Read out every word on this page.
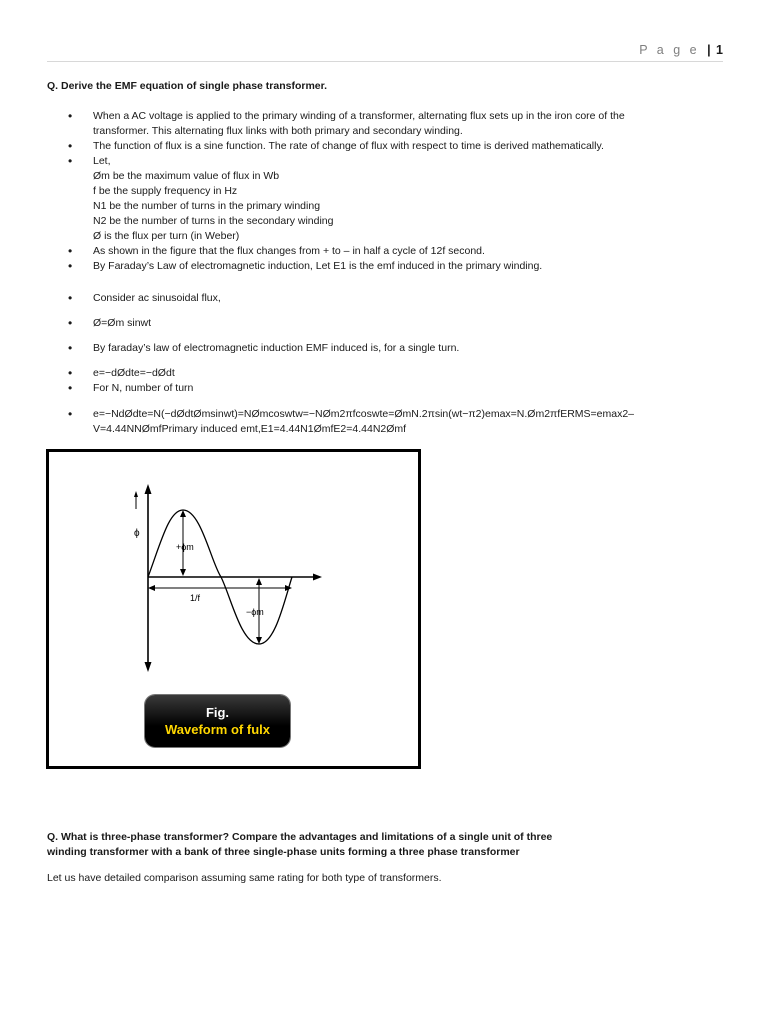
P a g e | 1

Q. Derive the EMF equation of single phase transformer.

• When a AC voltage is applied to the primary winding of a transformer, alternating flux sets up in the iron core of the
transformer. This alternating flux links with both primary and secondary winding.
• The function of flux is a sine function. The rate of change of flux with respect to time is derived mathematically.
• Let,
Øm be the maximum value of flux in Wb
f be the supply frequency in Hz
N1 be the number of turns in the primary winding
N2 be the number of turns in the secondary winding
Ø is the flux per turn (in Weber)
• As shown in the figure that the flux changes from + to – in half a cycle of 12f second.
• By Faraday’s Law of electromagnetic induction, Let E1 is the emf induced in the primary winding.
• Consider ac sinusoidal flux,
• Ø=Øm sinwt
• By faraday’s law of electromagnetic induction EMF induced is, for a single turn.
• e=−dØdte=−dØdt
• For N, number of turn
• e=−NdØdte=N(−dØdtØmsinwt)=NØmcoswtw=−NØm2πfcoswte=ØmN.2πsin(wt−π2)emax=N.Øm2πfERMS=emax2–
V=4.44NNØmfPrimary induced emt,E1=4.44N1ØmfE2=4.44N2Ømf
ϕ
+ϕm
−ϕm
1/f
Fig.
Waveform of fulx

Q. What is three-phase transformer? Compare the advantages and limitations of a single unit of three

winding transformer with a bank of three single-phase units forming a three phase transformer

Let us have detailed comparison assuming same rating for both type of transformers.
